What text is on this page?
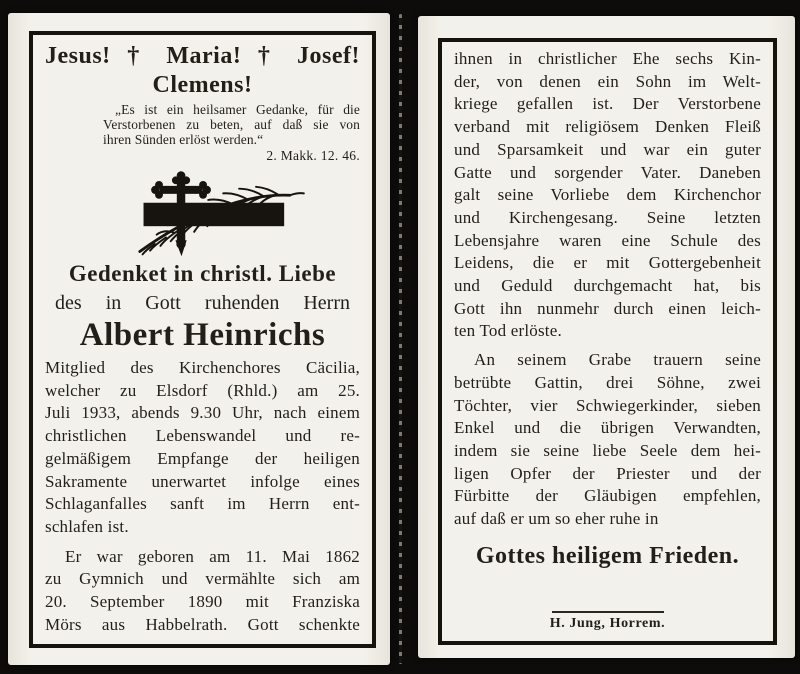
Jesus! † Maria! † Josef!
Clemens!
„Es ist ein heilsamer Gedanke, für die
Verstorbenen zu beten, auf daß sie von
ihren Sünden erlöst werden.“
2. Makk. 12. 46.
Gedenket in christl. Liebe
des in Gott ruhenden Herrn
Albert Heinrichs
Mitglied des Kirchenchores Cäcilia,
welcher zu Elsdorf (Rhld.) am 25.
Juli 1933, abends 9.30 Uhr, nach einem
christlichen Lebenswandel und re-
gelmäßigem Empfange der heiligen
Sakramente unerwartet infolge eines
Schlaganfalles sanft im Herrn ent-
schlafen ist.
Er war geboren am 11. Mai 1862
zu Gymnich und vermählte sich am
20. September 1890 mit Franziska
Mörs aus Habbelrath. Gott schenkte
ihnen in christlicher Ehe sechs Kin-
der, von denen ein Sohn im Welt-
kriege gefallen ist. Der Verstorbene
verband mit religiösem Denken Fleiß
und Sparsamkeit und war ein guter
Gatte und sorgender Vater. Daneben
galt seine Vorliebe dem Kirchenchor
und Kirchengesang. Seine letzten
Lebensjahre waren eine Schule des
Leidens, die er mit Gottergebenheit
und Geduld durchgemacht hat, bis
Gott ihn nunmehr durch einen leich-
ten Tod erlöste.
An seinem Grabe trauern seine
betrübte Gattin, drei Söhne, zwei
Töchter, vier Schwiegerkinder, sieben
Enkel und die übrigen Verwandten,
indem sie seine liebe Seele dem hei-
ligen Opfer der Priester und der
Fürbitte der Gläubigen empfehlen,
auf daß er um so eher ruhe in
Gottes heiligem Frieden.
H. Jung, Horrem.
